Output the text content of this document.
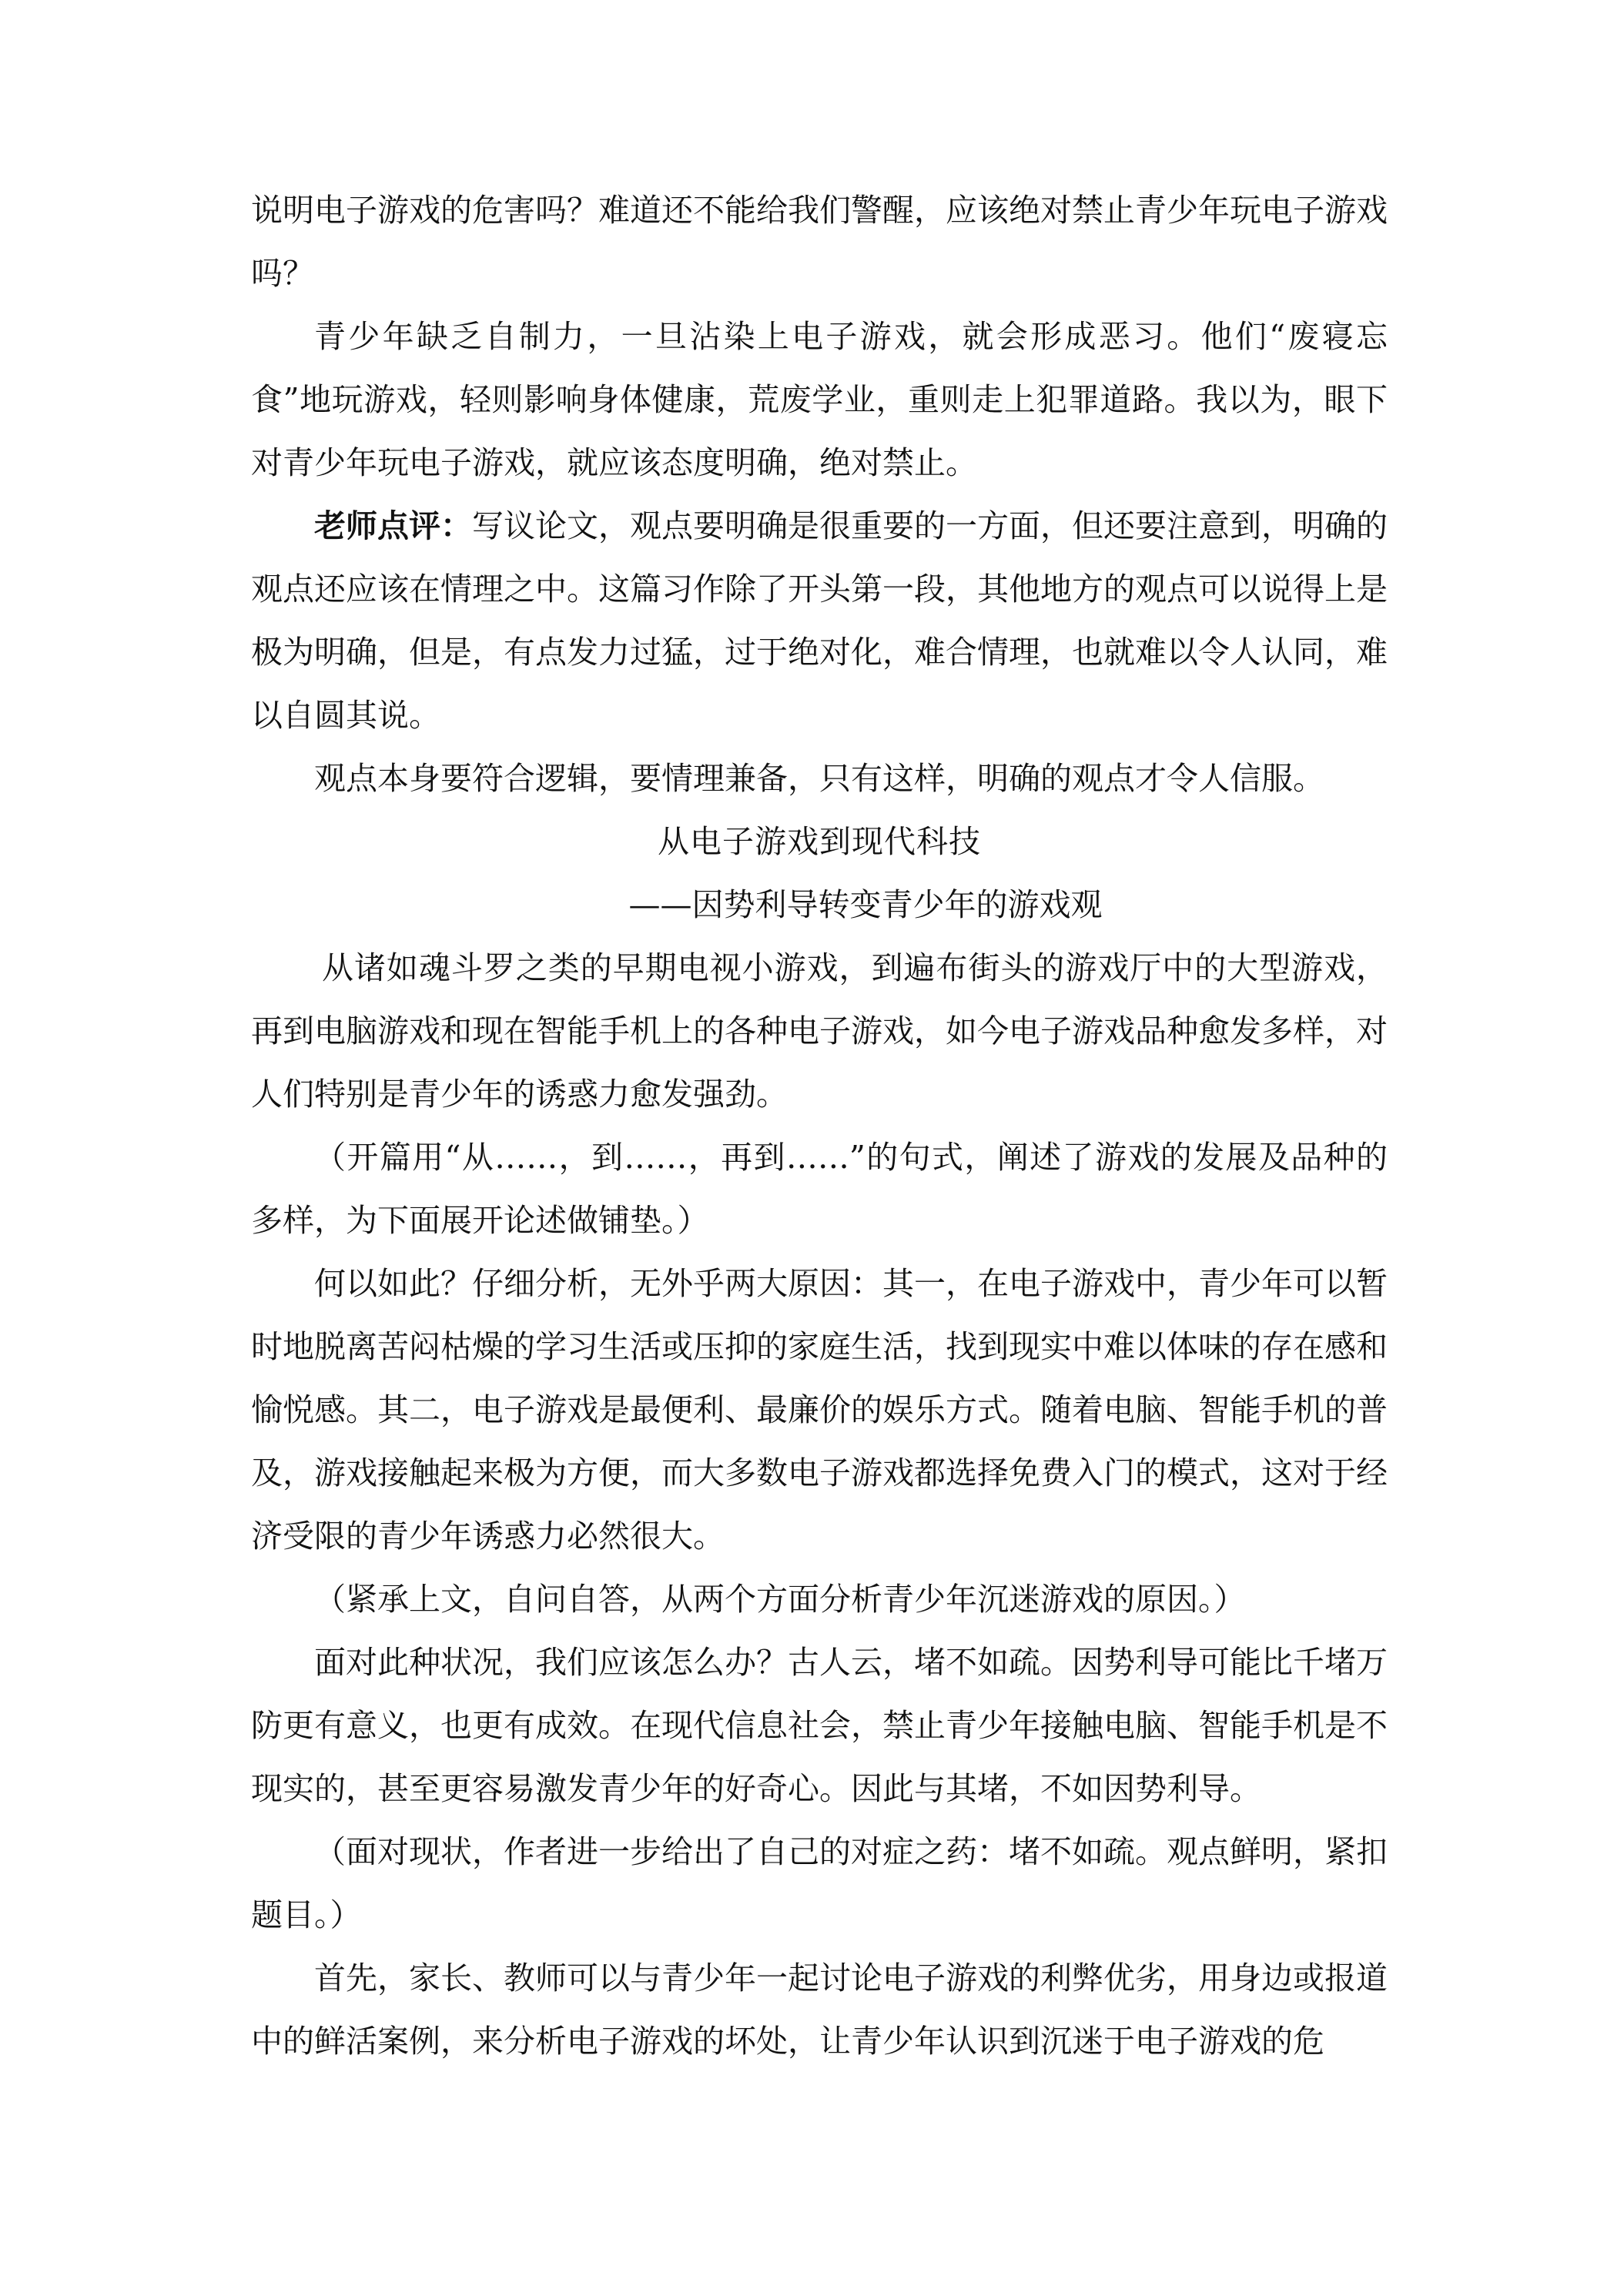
说明电子游戏的危害吗？难道还不能给我们警醒，应该绝对禁止青少年玩电子游戏吗？

青少年缺乏自制力，一旦沾染上电子游戏，就会形成恶习。他们“废寝忘食”地玩游戏，轻则影响身体健康，荒废学业，重则走上犯罪道路。我以为，眼下对青少年玩电子游戏，就应该态度明确，绝对禁止。

老师点评：写议论文，观点要明确是很重要的一方面，但还要注意到，明确的观点还应该在情理之中。这篇习作除了开头第一段，其他地方的观点可以说得上是极为明确，但是，有点发力过猛，过于绝对化，难合情理，也就难以令人认同，难以自圆其说。

观点本身要符合逻辑，要情理兼备，只有这样，明确的观点才令人信服。

从电子游戏到现代科技

——因势利导转变青少年的游戏观

从诸如魂斗罗之类的早期电视小游戏，到遍布街头的游戏厅中的大型游戏，再到电脑游戏和现在智能手机上的各种电子游戏，如今电子游戏品种愈发多样，对人们特别是青少年的诱惑力愈发强劲。

（开篇用“从……，到……，再到……”的句式，阐述了游戏的发展及品种的多样，为下面展开论述做铺垫。）

何以如此？仔细分析，无外乎两大原因：其一，在电子游戏中，青少年可以暂时地脱离苦闷枯燥的学习生活或压抑的家庭生活，找到现实中难以体味的存在感和愉悦感。其二，电子游戏是最便利、最廉价的娱乐方式。随着电脑、智能手机的普及，游戏接触起来极为方便，而大多数电子游戏都选择免费入门的模式，这对于经济受限的青少年诱惑力必然很大。

（紧承上文，自问自答，从两个方面分析青少年沉迷游戏的原因。）

面对此种状况，我们应该怎么办？古人云，堵不如疏。因势利导可能比千堵万防更有意义，也更有成效。在现代信息社会，禁止青少年接触电脑、智能手机是不现实的，甚至更容易激发青少年的好奇心。因此与其堵，不如因势利导。

（面对现状，作者进一步给出了自己的对症之药：堵不如疏。观点鲜明，紧扣题目。）

首先，家长、教师可以与青少年一起讨论电子游戏的利弊优劣，用身边或报道中的鲜活案例，来分析电子游戏的坏处，让青少年认识到沉迷于电子游戏的危
